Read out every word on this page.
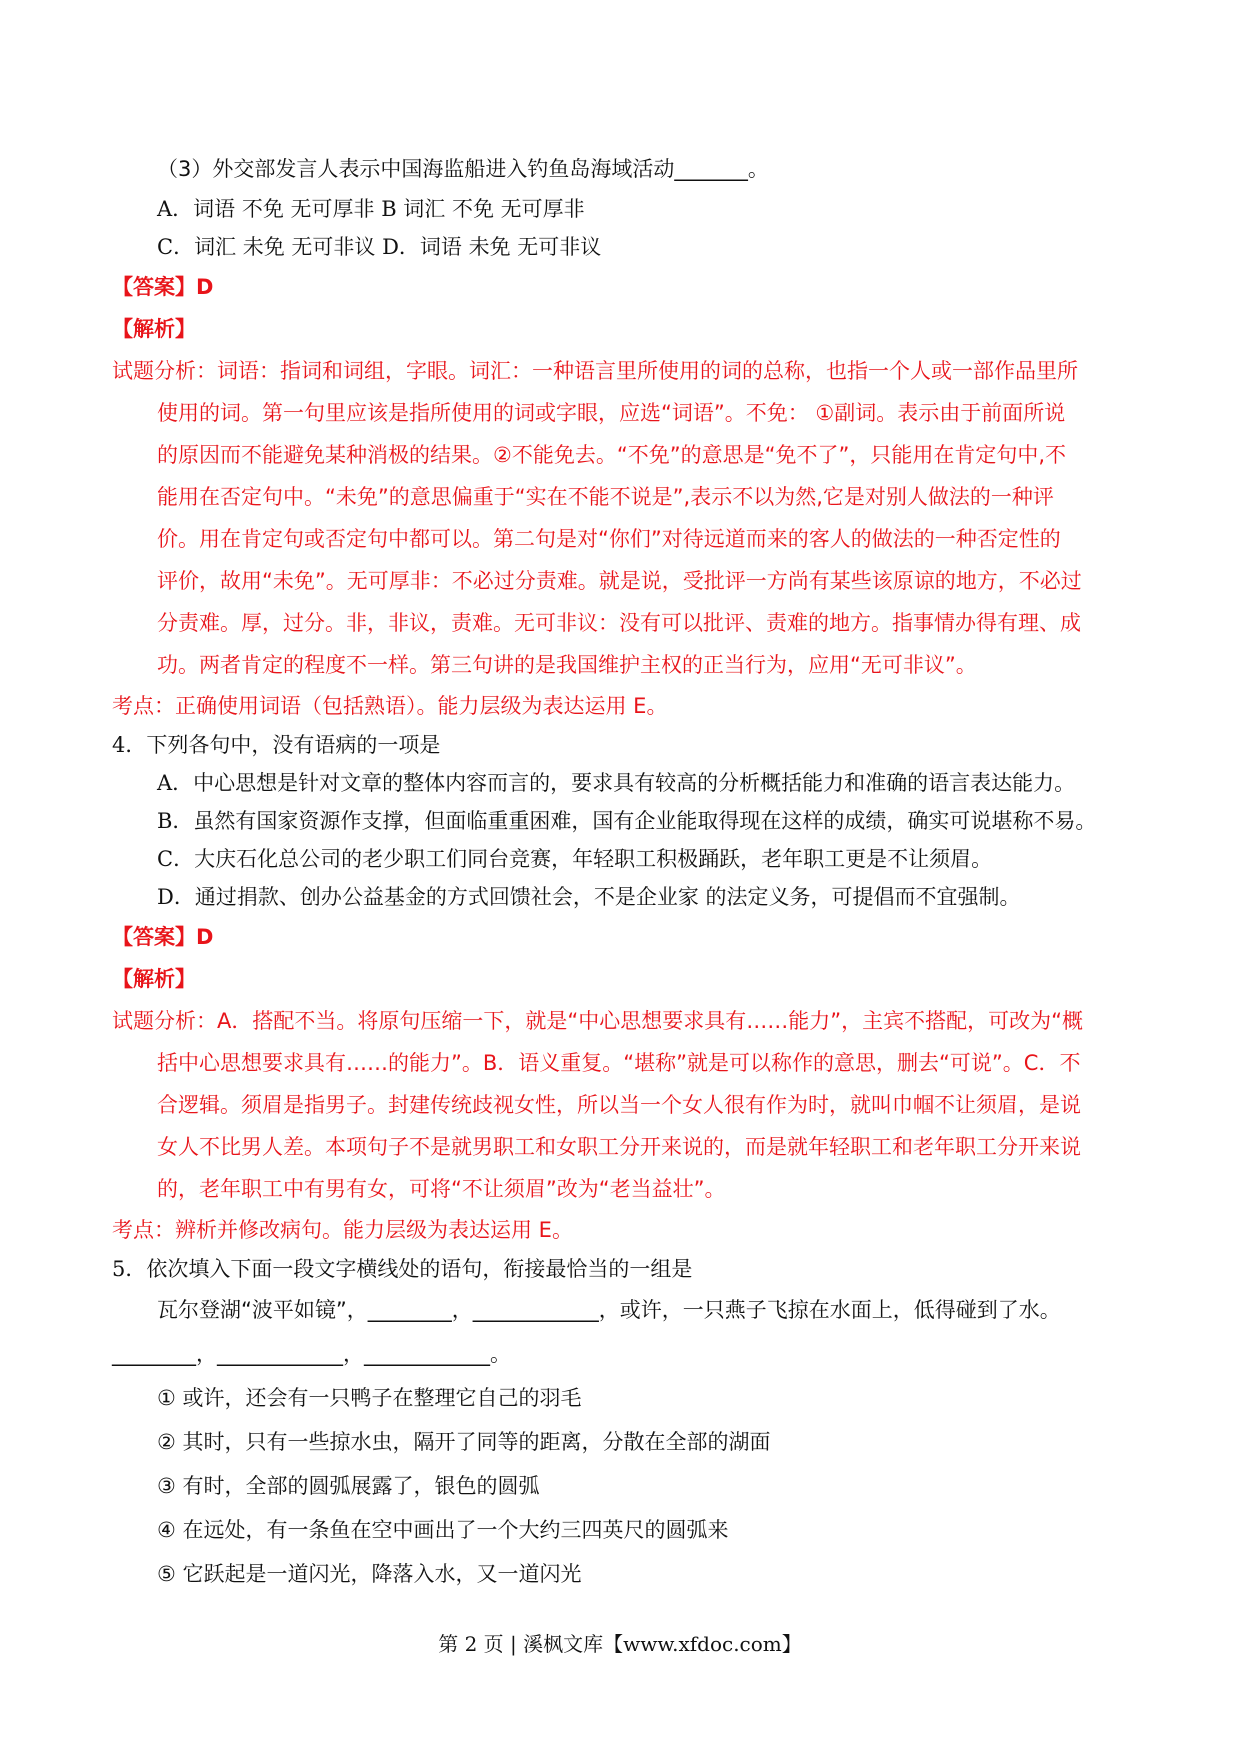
（3）外交部发言人表示中国海监船进入钓鱼岛海域活动_______。
A．词语 不免 无可厚非 B 词汇 不免 无可厚非
C．词汇 未免 无可非议 D．词语 未免 无可非议
【答案】D
【解析】
试题分析：词语：指词和词组，字眼。词汇：一种语言里所使用的词的总称，也指一个人或一部作品里所
使用的词。第一句里应该是指所使用的词或字眼，应选“词语”。不免： ①副词。表示由于前面所说
的原因而不能避免某种消极的结果。②不能免去。“不免”的意思是“免不了”，只能用在肯定句中,不
能用在否定句中。“未免”的意思偏重于“实在不能不说是”,表示不以为然,它是对别人做法的一种评
价。用在肯定句或否定句中都可以。第二句是对“你们”对待远道而来的客人的做法的一种否定性的
评价，故用“未免”。无可厚非：不必过分责难。就是说，受批评一方尚有某些该原谅的地方，不必过
分责难。厚，过分。非，非议，责难。无可非议：没有可以批评、责难的地方。指事情办得有理、成
功。两者肯定的程度不一样。第三句讲的是我国维护主权的正当行为，应用“无可非议”。
考点：正确使用词语（包括熟语）。能力层级为表达运用 E。
4．下列各句中，没有语病的一项是
A．中心思想是针对文章的整体内容而言的，要求具有较高的分析概括能力和准确的语言表达能力。
B．虽然有国家资源作支撑，但面临重重困难，国有企业能取得现在这样的成绩，确实可说堪称不易。
C．大庆石化总公司的老少职工们同台竞赛，年轻职工积极踊跃，老年职工更是不让须眉。
D．通过捐款、创办公益基金的方式回馈社会，不是企业家 的法定义务，可提倡而不宜强制。
【答案】D
【解析】
试题分析：A．搭配不当。将原句压缩一下，就是“中心思想要求具有……能力”，主宾不搭配，可改为“概
括中心思想要求具有……的能力”。B．语义重复。“堪称”就是可以称作的意思，删去“可说”。C．不
合逻辑。须眉是指男子。封建传统歧视女性，所以当一个女人很有作为时，就叫巾帼不让须眉，是说
女人不比男人差。本项句子不是就男职工和女职工分开来说的，而是就年轻职工和老年职工分开来说
的，老年职工中有男有女，可将“不让须眉”改为“老当益壮”。
考点：辨析并修改病句。能力层级为表达运用 E。
5．依次填入下面一段文字横线处的语句，衔接最恰当的一组是
瓦尔登湖“波平如镜”，________，____________，或许，一只燕子飞掠在水面上，低得碰到了水。
________，____________，____________。
① 或许，还会有一只鸭子在整理它自己的羽毛
② 其时，只有一些掠水虫，隔开了同等的距离，分散在全部的湖面
③ 有时，全部的圆弧展露了，银色的圆弧
④ 在远处，有一条鱼在空中画出了一个大约三四英尺的圆弧来
⑤ 它跃起是一道闪光，降落入水，又一道闪光
第 2 页 | 溪枫文库【www.xfdoc.com】
